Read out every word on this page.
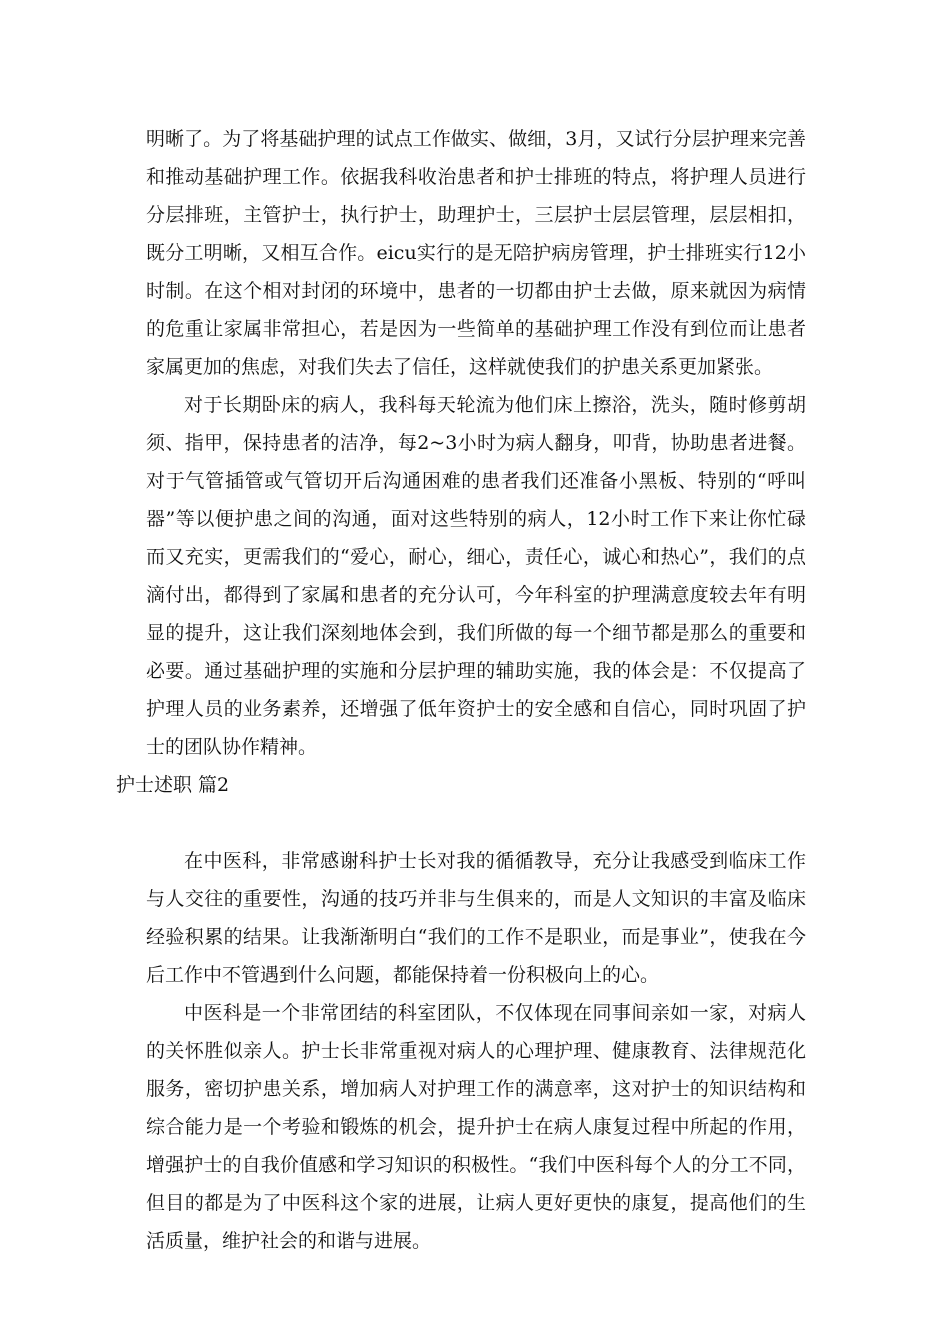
明晰了。为了将基础护理的试点工作做实、做细，3月，又试行分层护理来完善和推动基础护理工作。依据我科收治患者和护士排班的特点，将护理人员进行分层排班，主管护士，执行护士，助理护士，三层护士层层管理，层层相扣，既分工明晰，又相互合作。eicu实行的是无陪护病房管理，护士排班实行12小时制。在这个相对封闭的环境中，患者的一切都由护士去做，原来就因为病情的危重让家属非常担心，若是因为一些简单的基础护理工作没有到位而让患者家属更加的焦虑，对我们失去了信任，这样就使我们的护患关系更加紧张。

对于长期卧床的病人，我科每天轮流为他们床上擦浴，洗头，随时修剪胡须、指甲，保持患者的洁净，每2~3小时为病人翻身，叩背，协助患者进餐。对于气管插管或气管切开后沟通困难的患者我们还准备小黑板、特别的“呼叫器”等以便护患之间的沟通，面对这些特别的病人，12小时工作下来让你忙碌而又充实，更需我们的“爱心，耐心，细心，责任心，诚心和热心”，我们的点滴付出，都得到了家属和患者的充分认可，今年科室的护理满意度较去年有明显的提升，这让我们深刻地体会到，我们所做的每一个细节都是那么的重要和必要。通过基础护理的实施和分层护理的辅助实施，我的体会是：不仅提高了护理人员的业务素养，还增强了低年资护士的安全感和自信心，同时巩固了护士的团队协作精神。

护士述职 篇2

在中医科，非常感谢科护士长对我的循循教导，充分让我感受到临床工作与人交往的重要性，沟通的技巧并非与生俱来的，而是人文知识的丰富及临床经验积累的结果。让我渐渐明白“我们的工作不是职业，而是事业”，使我在今后工作中不管遇到什么问题，都能保持着一份积极向上的心。

中医科是一个非常团结的科室团队，不仅体现在同事间亲如一家，对病人的关怀胜似亲人。护士长非常重视对病人的心理护理、健康教育、法律规范化服务，密切护患关系，增加病人对护理工作的满意率，这对护士的知识结构和综合能力是一个考验和锻炼的机会，提升护士在病人康复过程中所起的作用，增强护士的自我价值感和学习知识的积极性。“我们中医科每个人的分工不同，但目的都是为了中医科这个家的进展，让病人更好更快的康复，提高他们的生活质量，维护社会的和谐与进展。
